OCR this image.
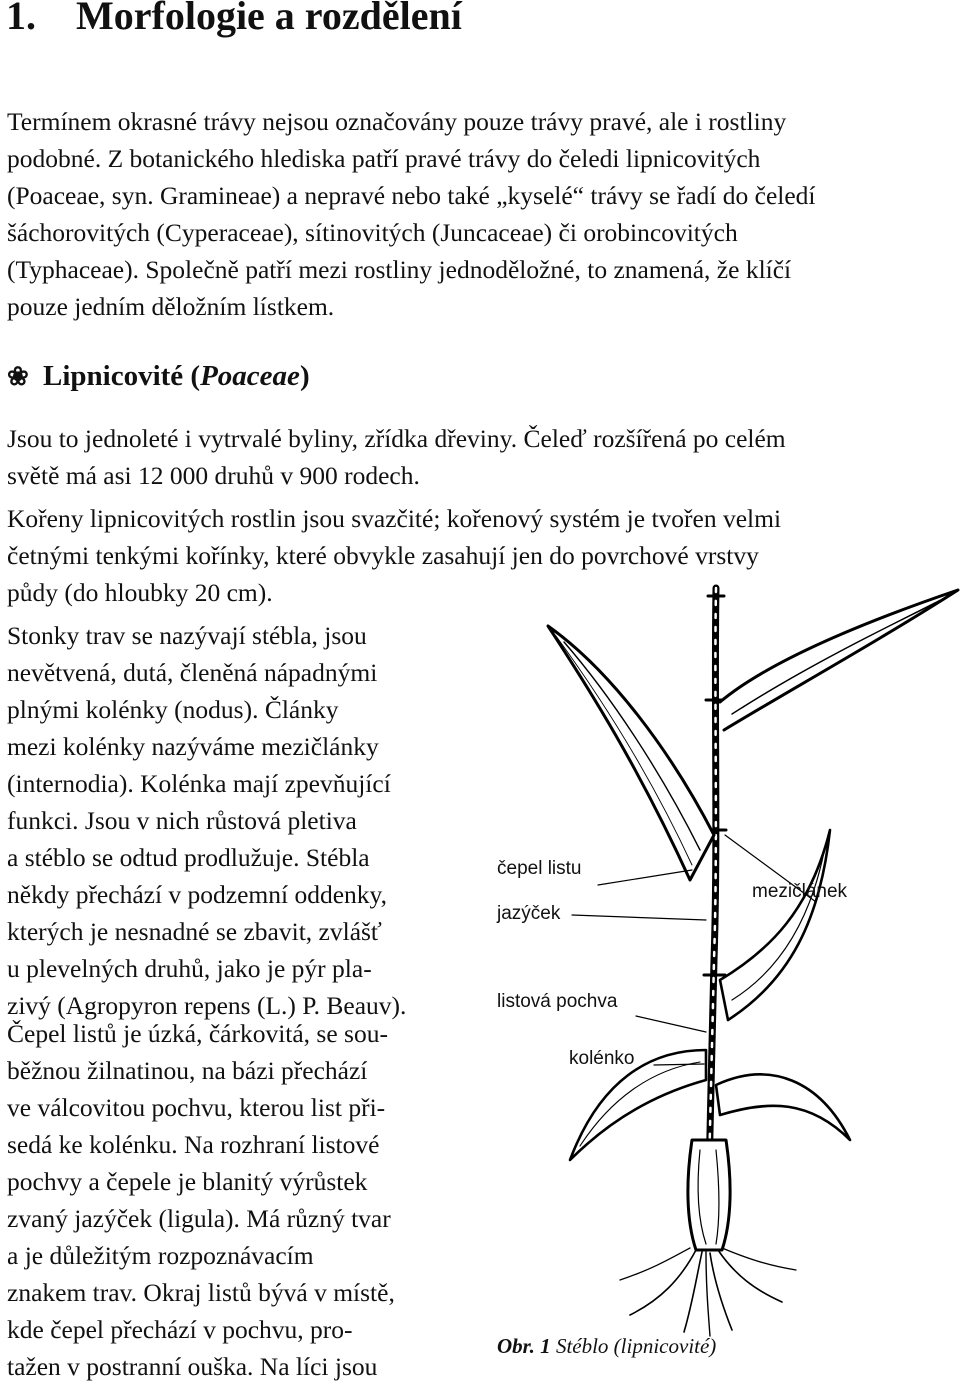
1. Morfologie a rozdělení

Termínem okrasné trávy nejsou označovány pouze trávy pravé, ale i rostliny
podobné. Z botanického hlediska patří pravé trávy do čeledi lipnicovitých
(Poaceae, syn. Gramineae) a nepravé nebo také „kyselé“ trávy se řadí do čeledí
šáchorovitých (Cyperaceae), sítinovitých (Juncaceae) či orobincovitých
(Typhaceae). Společně patří mezi rostliny jednoděložné, to znamená, že klíčí
pouze jedním děložním lístkem.

❀ Lipnicovité (Poaceae)

Jsou to jednoleté i vytrvalé byliny, zřídka dřeviny. Čeleď rozšířená po celém
světě má asi 12 000 druhů v 900 rodech.

Kořeny lipnicovitých rostlin jsou svazčité; kořenový systém je tvořen velmi
četnými tenkými kořínky, které obvykle zasahují jen do povrchové vrstvy
půdy (do hloubky 20 cm).

Stonky trav se nazývají stébla, jsou
nevětvená, dutá, členěná nápadnými
plnými kolénky (nodus). Články
mezi kolénky nazýváme mezičlánky
(internodia). Kolénka mají zpevňující
funkci. Jsou v nich růstová pletiva
a stéblo se odtud prodlužuje. Stébla
někdy přechází v podzemní oddenky,
kterých je nesnadné se zbavit, zvlášť
u plevelných druhů, jako je pýr pla-
zivý (Agropyron repens (L.) P. Beauv).

Čepel listů je úzká, čárkovitá, se sou-
běžnou žilnatinou, na bázi přechází
ve válcovitou pochvu, kterou list při-
sedá ke kolénku. Na rozhraní listové
pochvy a čepele je blanitý výrůstek
zvaný jazýček (ligula). Má různý tvar
a je důležitým rozpoznávacím
znakem trav. Okraj listů bývá v místě,
kde čepel přechází v pochvu, pro-
tažen v postranní ouška. Na líci jsou

čepel listu
mezičlánek
jazýček
listová pochva
kolénko
Obr. 1 Stéblo (lipnicovité)
